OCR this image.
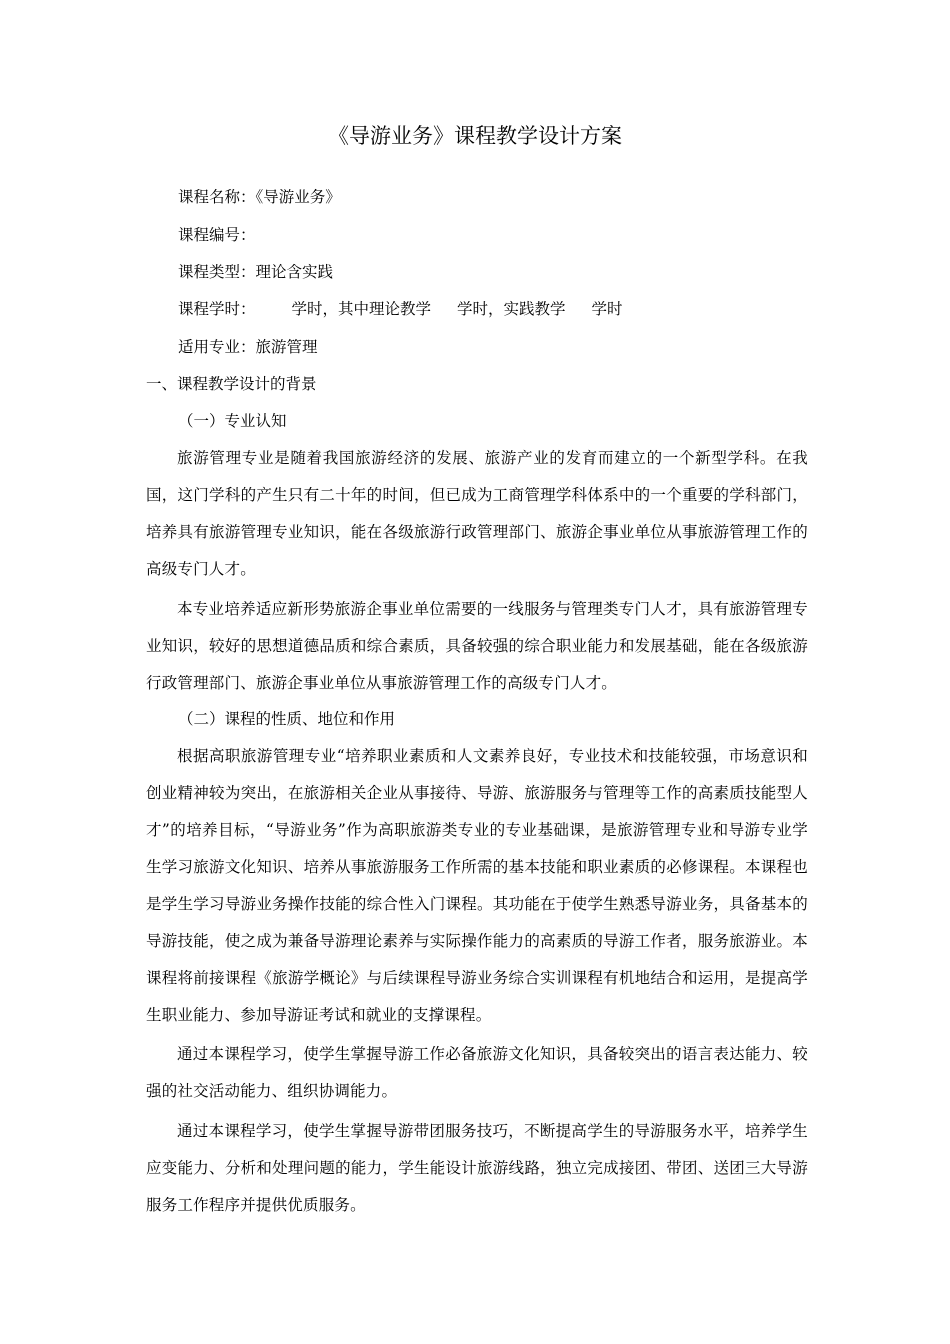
《导游业务》课程教学设计方案
课程名称：《导游业务》
课程编号：
课程类型：理论含实践
课程学时： 学时，其中理论教学 学时，实践教学 学时
适用专业：旅游管理
一、课程教学设计的背景
（一）专业认知
旅游管理专业是随着我国旅游经济的发展、旅游产业的发育而建立的一个新型学科。在我国，这门学科的产生只有二十年的时间，但已成为工商管理学科体系中的一个重要的学科部门，培养具有旅游管理专业知识，能在各级旅游行政管理部门、旅游企事业单位从事旅游管理工作的高级专门人才。
本专业培养适应新形势旅游企事业单位需要的一线服务与管理类专门人才，具有旅游管理专业知识，较好的思想道德品质和综合素质，具备较强的综合职业能力和发展基础，能在各级旅游行政管理部门、旅游企事业单位从事旅游管理工作的高级专门人才。
（二）课程的性质、地位和作用
根据高职旅游管理专业“培养职业素质和人文素养良好，专业技术和技能较强，市场意识和创业精神较为突出，在旅游相关企业从事接待、导游、旅游服务与管理等工作的高素质技能型人才”的培养目标，“导游业务”作为高职旅游类专业的专业基础课，是旅游管理专业和导游专业学生学习旅游文化知识、培养从事旅游服务工作所需的基本技能和职业素质的必修课程。本课程也是学生学习导游业务操作技能的综合性入门课程。其功能在于使学生熟悉导游业务，具备基本的导游技能，使之成为兼备导游理论素养与实际操作能力的高素质的导游工作者，服务旅游业。本课程将前接课程《旅游学概论》与后续课程导游业务综合实训课程有机地结合和运用，是提高学生职业能力、参加导游证考试和就业的支撑课程。
通过本课程学习，使学生掌握导游工作必备旅游文化知识，具备较突出的语言表达能力、较强的社交活动能力、组织协调能力。
通过本课程学习，使学生掌握导游带团服务技巧，不断提高学生的导游服务水平，培养学生应变能力、分析和处理问题的能力，学生能设计旅游线路，独立完成接团、带团、送团三大导游服务工作程序并提供优质服务。
